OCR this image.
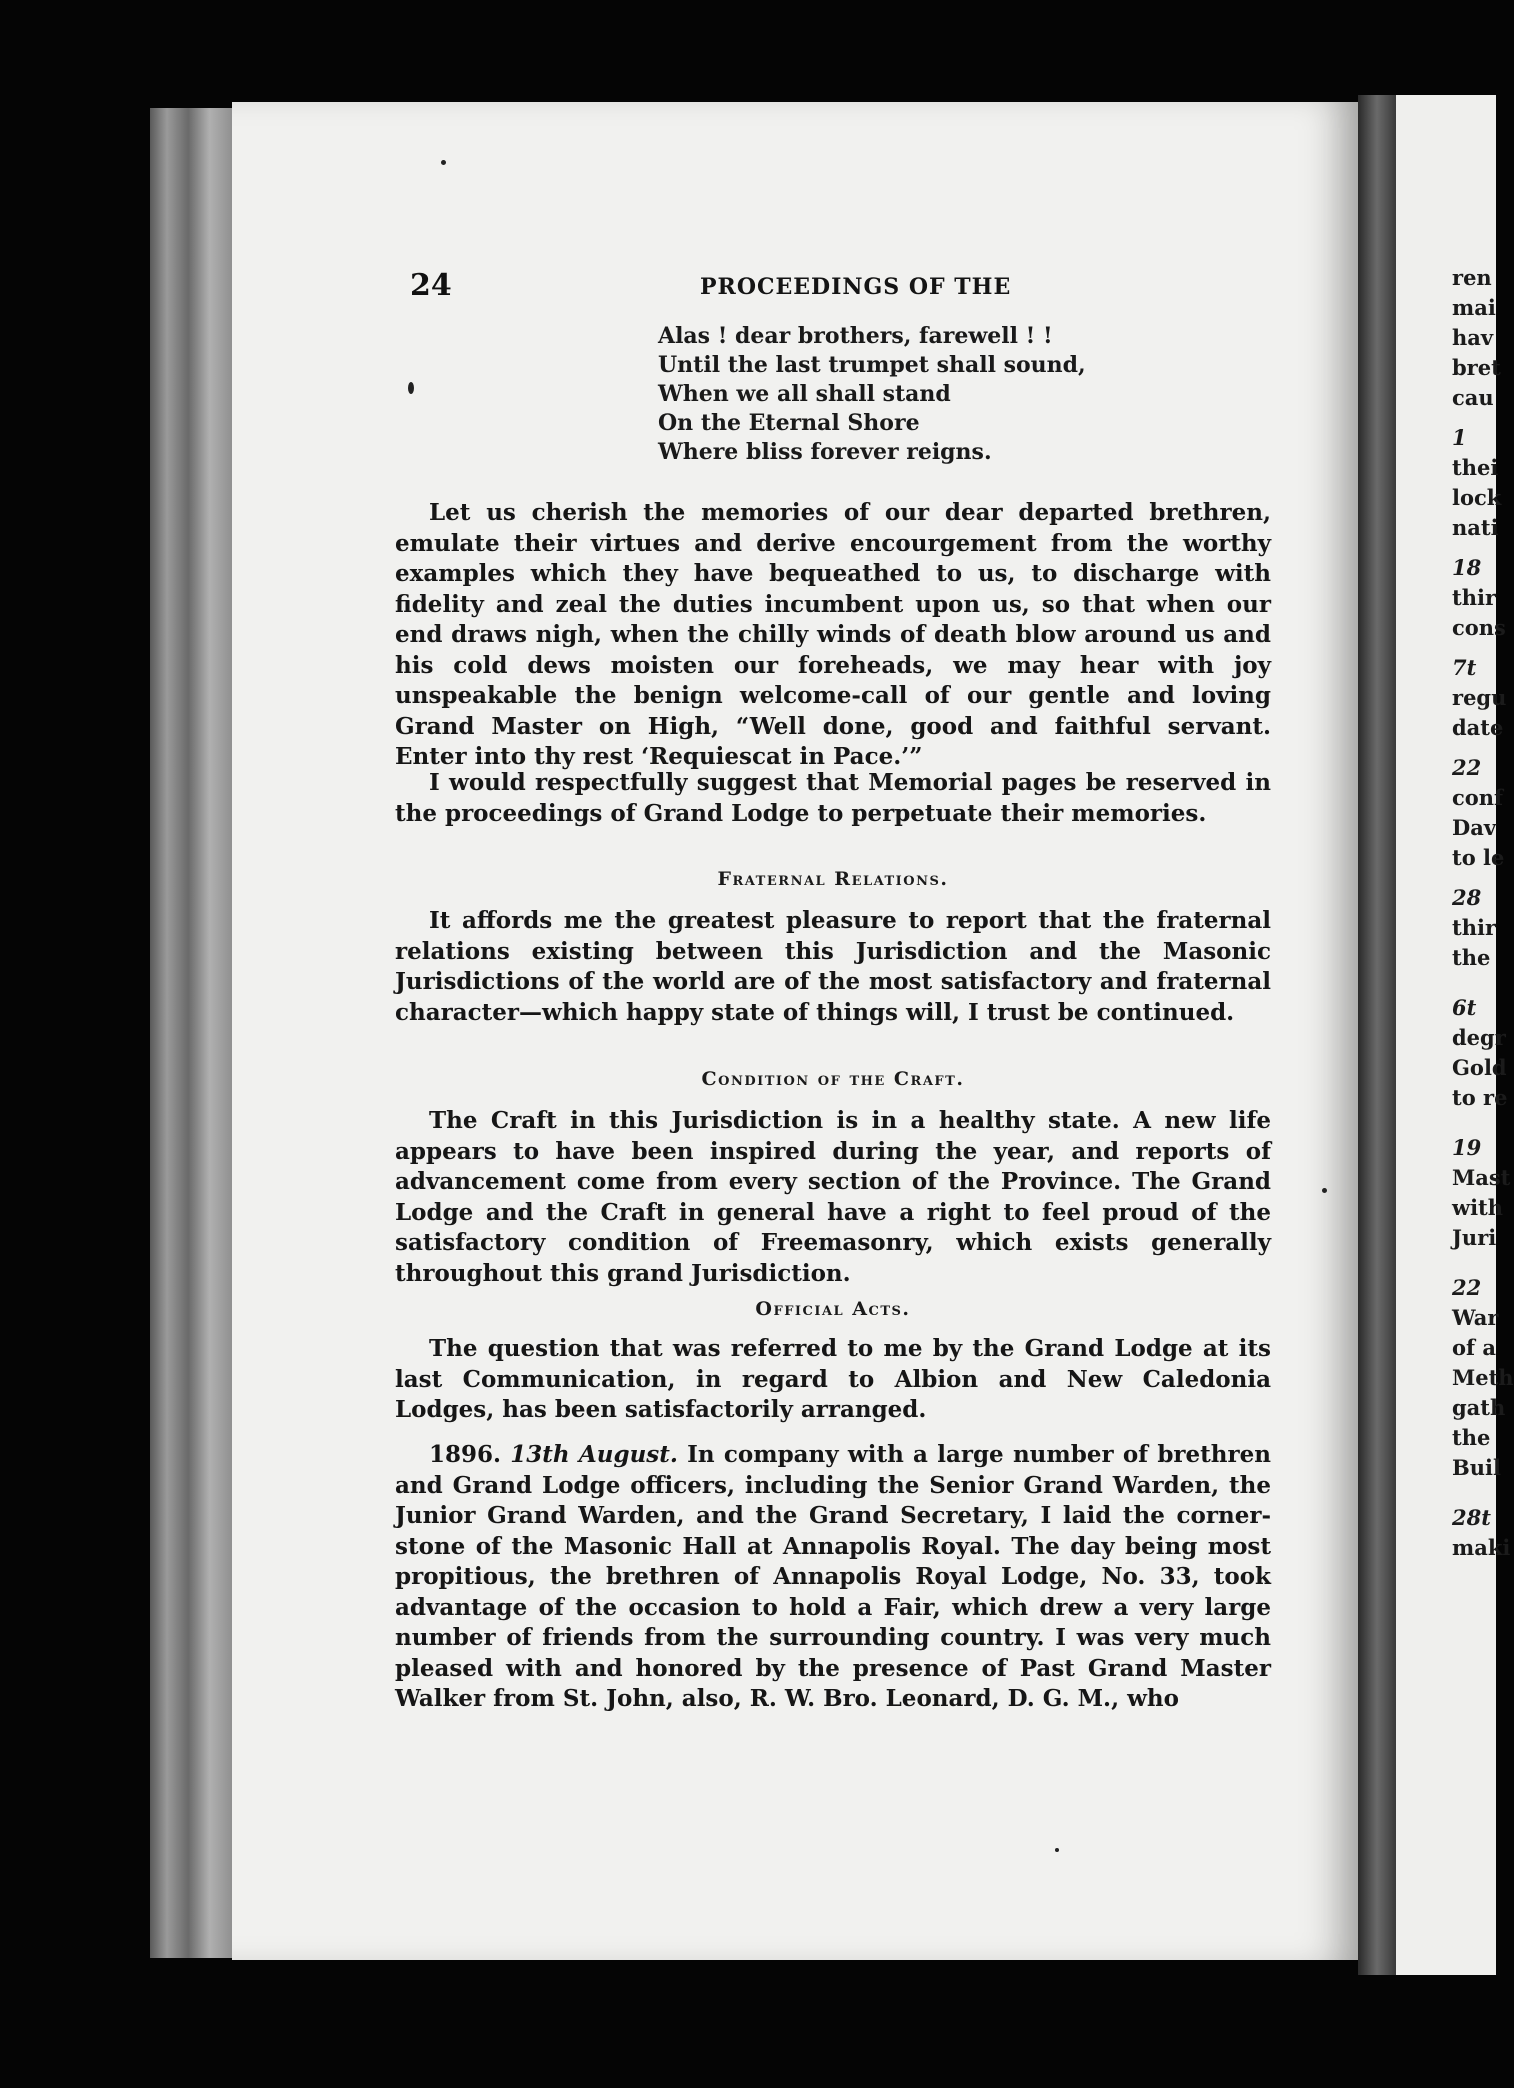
ren
mai
hav
bret
cau
1
thei
lock
nati
18
thir
cons
7t
regu
date
22
conf
Dav
to le
28
thir
the
6t
degr
Gold
to re
19
Mast
with
Juri
22
War
of a
Meth
gath
the
Buil
28t
maki
24	PROCEEDINGS OF THE
Alas ! dear brothers, farewell ! !
Until the last trumpet shall sound,
When we all shall stand
On the Eternal Shore
Where bliss forever reigns.

Let us cherish the memories of our dear departed brethren, emulate their virtues and derive encourgement from the worthy examples which they have bequeathed to us, to discharge with fidelity and zeal the duties incumbent upon us, so that when our end draws nigh, when the chilly winds of death blow around us and his cold dews moisten our foreheads, we may hear with joy unspeakable the benign welcome-call of our gentle and loving Grand Master on High, “Well done, good and faithful servant. Enter into thy rest ‘Requiescat in Pace.’”

I would respectfully suggest that Memorial pages be reserved in the proceedings of Grand Lodge to perpetuate their memories.

Fraternal Relations.

It affords me the greatest pleasure to report that the fraternal relations existing between this Jurisdiction and the Masonic Jurisdictions of the world are of the most satisfactory and fraternal character—which happy state of things will, I trust be continued.

Condition of the Craft.

The Craft in this Jurisdiction is in a healthy state. A new life appears to have been inspired during the year, and reports of advancement come from every section of the Province. The Grand Lodge and the Craft in general have a right to feel proud of the satisfactory condition of Freemasonry, which exists generally throughout this grand Jurisdiction.

Official Acts.

The question that was referred to me by the Grand Lodge at its last Communication, in regard to Albion and New Caledonia Lodges, has been satisfactorily arranged.

1896. 13th August. In company with a large number of brethren and Grand Lodge officers, including the Senior Grand Warden, the Junior Grand Warden, and the Grand Secretary, I laid the corner-stone of the Masonic Hall at Annapolis Royal. The day being most propitious, the brethren of Annapolis Royal Lodge, No. 33, took advantage of the occasion to hold a Fair, which drew a very large number of friends from the surrounding country. I was very much pleased with and honored by the presence of Past Grand Master Walker from St. John, also, R. W. Bro. Leonard, D. G. M., who
